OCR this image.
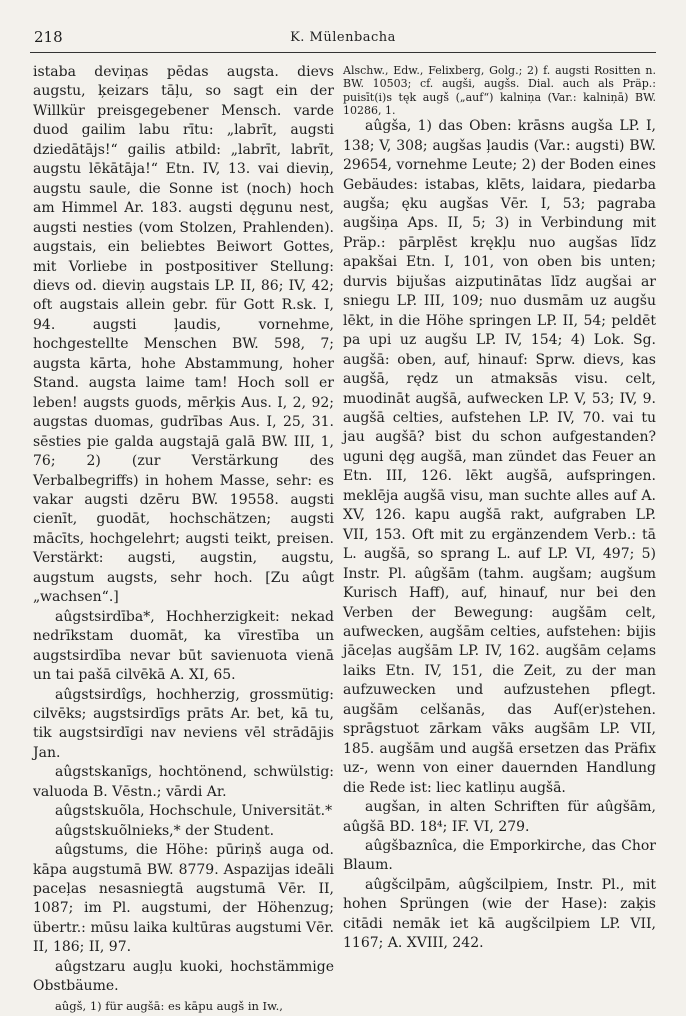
218	K. Mülenbacha

istaba deviņas pēdas augsta. dievs augstu, ķeizars tāļu, so sagt ein der Willkür preisgegebener Mensch. varde duod gailim labu rītu: „labrīt, augsti dziedātājs!“ gailis atbild: „labrīt, labrīt, augstu lēkātāja!“ Etn. IV, 13. vai dieviņ, augstu saule, die Sonne ist (noch) hoch am Himmel Ar. 183. augsti dęgunu nest, augsti nesties (vom Stolzen, Prahlenden). augstais, ein beliebtes Beiwort Gottes, mit Vorliebe in postpositiver Stellung: dievs od. dieviņ augstais LP. II, 86; IV, 42; oft augstais allein gebr. für Gott R.sk. I, 94. augsti ļaudis, vornehme, hochgestellte Menschen BW. 598, 7; augsta kārta, hohe Abstammung, hoher Stand. augsta laime tam! Hoch soll er leben! augsts guods, mērķis Aus. I, 2, 92; augstas duomas, gudrības Aus. I, 25, 31. sēsties pie galda augstajā galā BW. III, 1, 76; 2) (zur Verstärkung des Verbalbegriffs) in hohem Masse, sehr: es vakar augsti dzēru BW. 19558. augsti cienīt, guodāt, hochschätzen; augsti mācīts, hochgelehrt; augsti teikt, preisen. Verstärkt: augsti, augstin, augstu, augstum augsts, sehr hoch. [Zu aûgt „wachsen“.]

aûgstsirdība*, Hochherzigkeit: nekad nedrīkstam duomāt, ka vīrestība un augstsirdība nevar būt savienuota vienā un tai pašā cilvēkā A. XI, 65.

aûgstsirdîgs, hochherzig, grossmütig: cilvēks; augstsirdīgs prāts Ar. bet, kā tu, tik augstsirdīgi nav neviens vēl strādājis Jan.

aûgstskanīgs, hochtönend, schwülstig: valuoda B. Vēstn.; vārdi Ar.

aûgstskuõla, Hochschule, Universität.*

aûgstskuõlnieks,* der Student.

aûgstums, die Höhe: pūriņš auga od. kāpa augstumā BW. 8779. Aspazijas ideāli paceļas nesasniegtā augstumā Vēr. II, 1087; im Pl. augstumi, der Höhenzug; übertr.: mūsu laika kultūras augstumi Vēr. II, 186; II, 97.

aûgstzaru augļu kuoki, hochstämmige Obstbäume.

aûgš, 1) für augšā: es kāpu augš in Iw.,

Alschw., Edw., Felixberg, Golg.; 2) f. augsti Rositten n. BW. 10503; cf. augši, augšs. Dial. auch als Präp.: puisīt(i)s tęk augš („auf“) kalniņa (Var.: kalniņā) BW. 10286, 1.

aûgša, 1) das Oben: krāsns augša LP. I, 138; V, 308; augšas ļaudis (Var.: augsti) BW. 29654, vornehme Leute; 2) der Boden eines Gebäudes: istabas, klēts, laidara, piedarba augša; ęku augšas Vēr. I, 53; pagraba augšiņa Aps. II, 5; 3) in Verbindung mit Präp.: pārplēst krękļu nuo augšas līdz apakšai Etn. I, 101, von oben bis unten; durvis bijušas aizputinātas līdz augšai ar sniegu LP. III, 109; nuo dusmām uz augšu lēkt, in die Höhe springen LP. II, 54; peldēt pa upi uz augšu LP. IV, 154; 4) Lok. Sg. augšā: oben, auf, hinauf: Sprw. dievs, kas augšā, rędz un atmaksās visu. celt, muodināt augšā, aufwecken LP. V, 53; IV, 9. augšā celties, aufstehen LP. IV, 70. vai tu jau augšā? bist du schon aufgestanden? uguni dęg augšā, man zündet das Feuer an Etn. III, 126. lēkt augšā, aufspringen. meklēja augšā visu, man suchte alles auf A. XV, 126. kapu augšā rakt, aufgraben LP. VII, 153. Oft mit zu ergänzendem Verb.: tā L. augšā, so sprang L. auf LP. VI, 497; 5) Instr. Pl. aûgšām (tahm. augšam; augšum Kurisch Haff), auf, hinauf, nur bei den Verben der Bewegung: augšām celt, aufwecken, augšām celties, aufstehen: bijis jāceļas augšām LP. IV, 162. augšām ceļams laiks Etn. IV, 151, die Zeit, zu der man aufzuwecken und aufzustehen pflegt. augšām celšanās, das Auf(er)stehen. sprāgstuot zārkam vāks augšām LP. VII, 185. augšām und augšā ersetzen das Präfix uz-, wenn von einer dauernden Handlung die Rede ist: liec katliņu augšā.

augšan, in alten Schriften für aûgšām, aûgšā BD. 18⁴; IF. VI, 279.

aûgšbaznîca, die Emporkirche, das Chor Blaum.

aûgšcilpām, aûgšcilpiem, Instr. Pl., mit hohen Sprüngen (wie der Hase): zaķis citādi nemāk iet kā augšcilpiem LP. VII, 1167; A. XVIII, 242.
